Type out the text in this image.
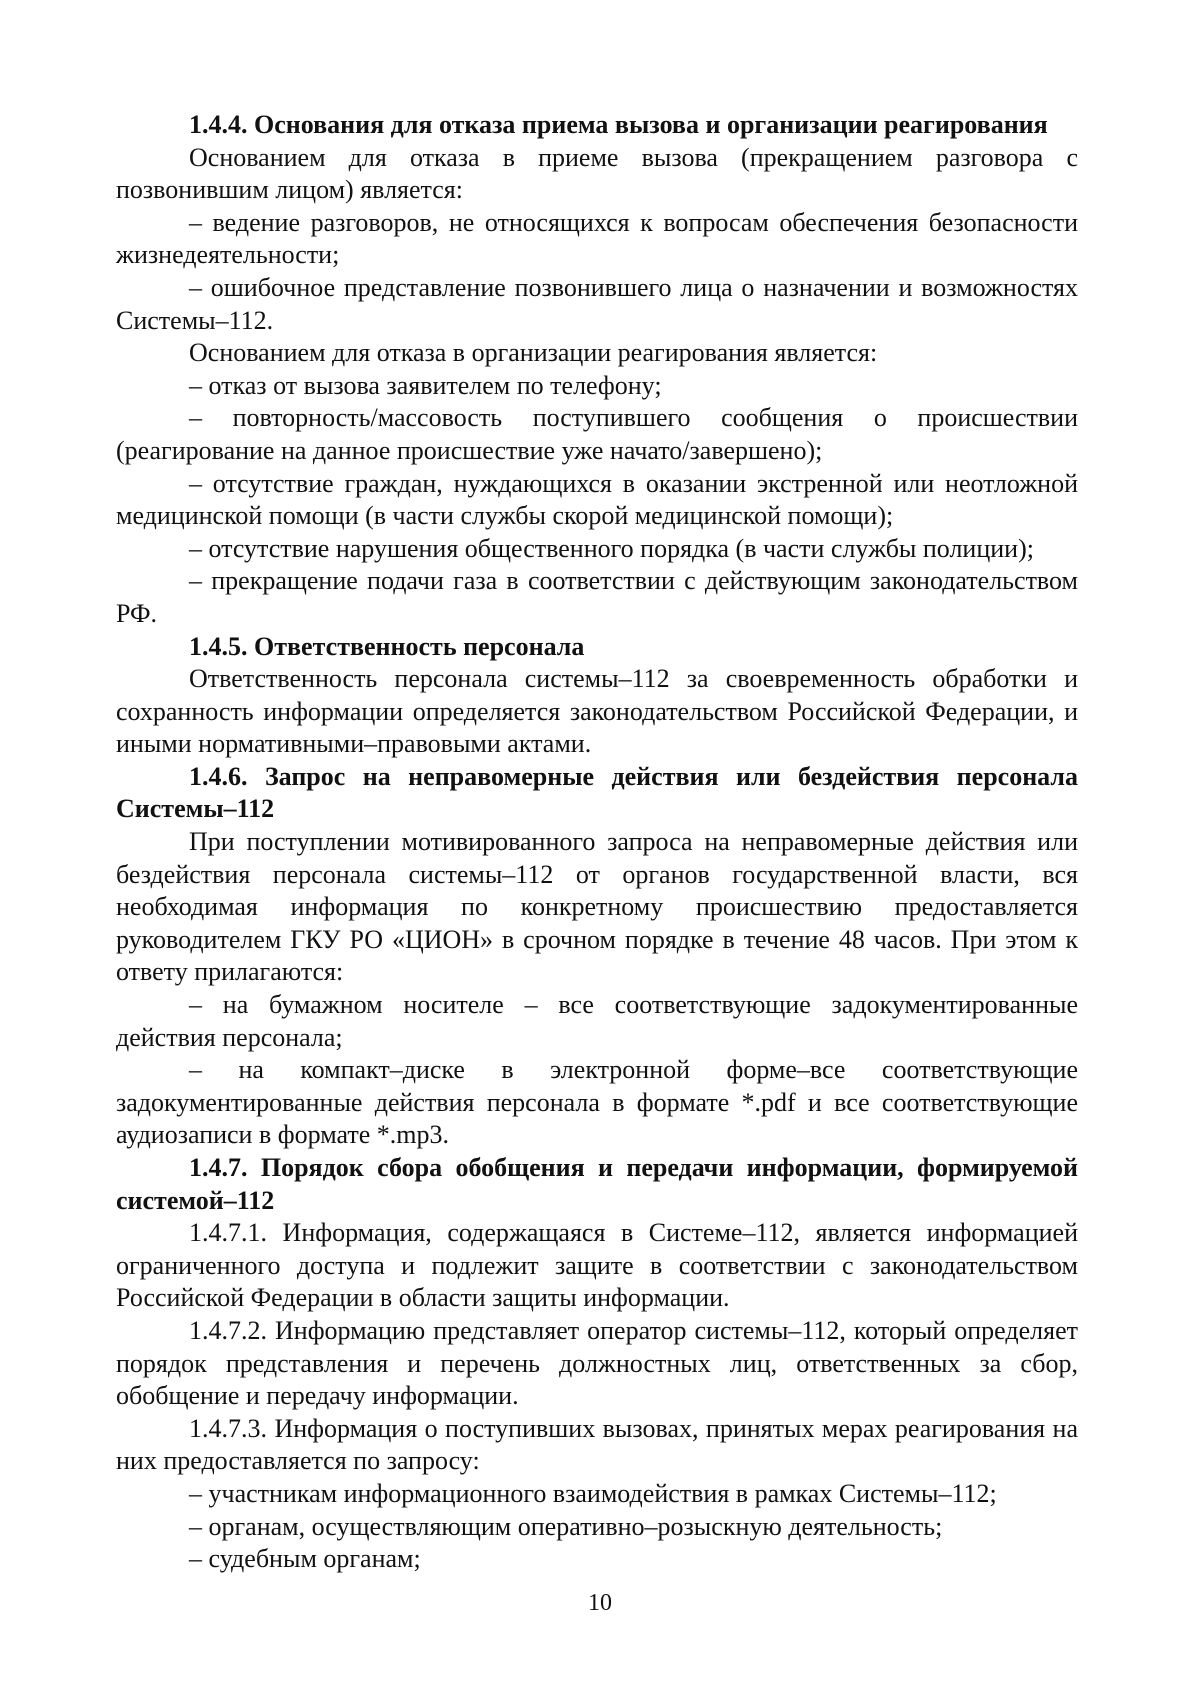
1.4.4. Основания для отказа приема вызова и организации реагирования

Основанием для отказа в приеме вызова (прекращением разговора с позвонившим лицом) является:

– ведение разговоров, не относящихся к вопросам обеспечения безопасности жизнедеятельности;

– ошибочное представление позвонившего лица о назначении и возможностях Системы–112.

Основанием для отказа в организации реагирования является:

– отказ от вызова заявителем по телефону;

– повторность/массовость поступившего сообщения о происшествии (реагирование на данное происшествие уже начато/завершено);

– отсутствие граждан, нуждающихся в оказании экстренной или неотложной медицинской помощи (в части службы скорой медицинской помощи);

– отсутствие нарушения общественного порядка (в части службы полиции);

– прекращение подачи газа в соответствии с действующим законодательством РФ.

1.4.5. Ответственность персонала

Ответственность персонала системы–112 за своевременность обработки и сохранность информации определяется законодательством Российской Федерации, и иными нормативными–правовыми актами.

1.4.6. Запрос на неправомерные действия или бездействия персонала Системы–112

При поступлении мотивированного запроса на неправомерные действия или бездействия персонала системы–112 от органов государственной власти, вся необходимая информация по конкретному происшествию предоставляется руководителем ГКУ РО «ЦИОН» в срочном порядке в течение 48 часов. При этом к ответу прилагаются:

– на бумажном носителе – все соответствующие задокументированные действия персонала;

– на компакт–диске в электронной форме–все соответствующие задокументированные действия персонала в формате *.pdf и все соответствующие аудиозаписи в формате *.mp3.

1.4.7. Порядок сбора обобщения и передачи информации, формируемой системой–112

1.4.7.1. Информация, содержащаяся в Системе–112, является информацией ограниченного доступа и подлежит защите в соответствии с законодательством Российской Федерации в области защиты информации.

1.4.7.2. Информацию представляет оператор системы–112, который определяет порядок представления и перечень должностных лиц, ответственных за сбор, обобщение и передачу информации.

1.4.7.3. Информация о поступивших вызовах, принятых мерах реагирования на них предоставляется по запросу:

– участникам информационного взаимодействия в рамках Системы–112;

– органам, осуществляющим оперативно–розыскную деятельность;

– судебным органам;

10
